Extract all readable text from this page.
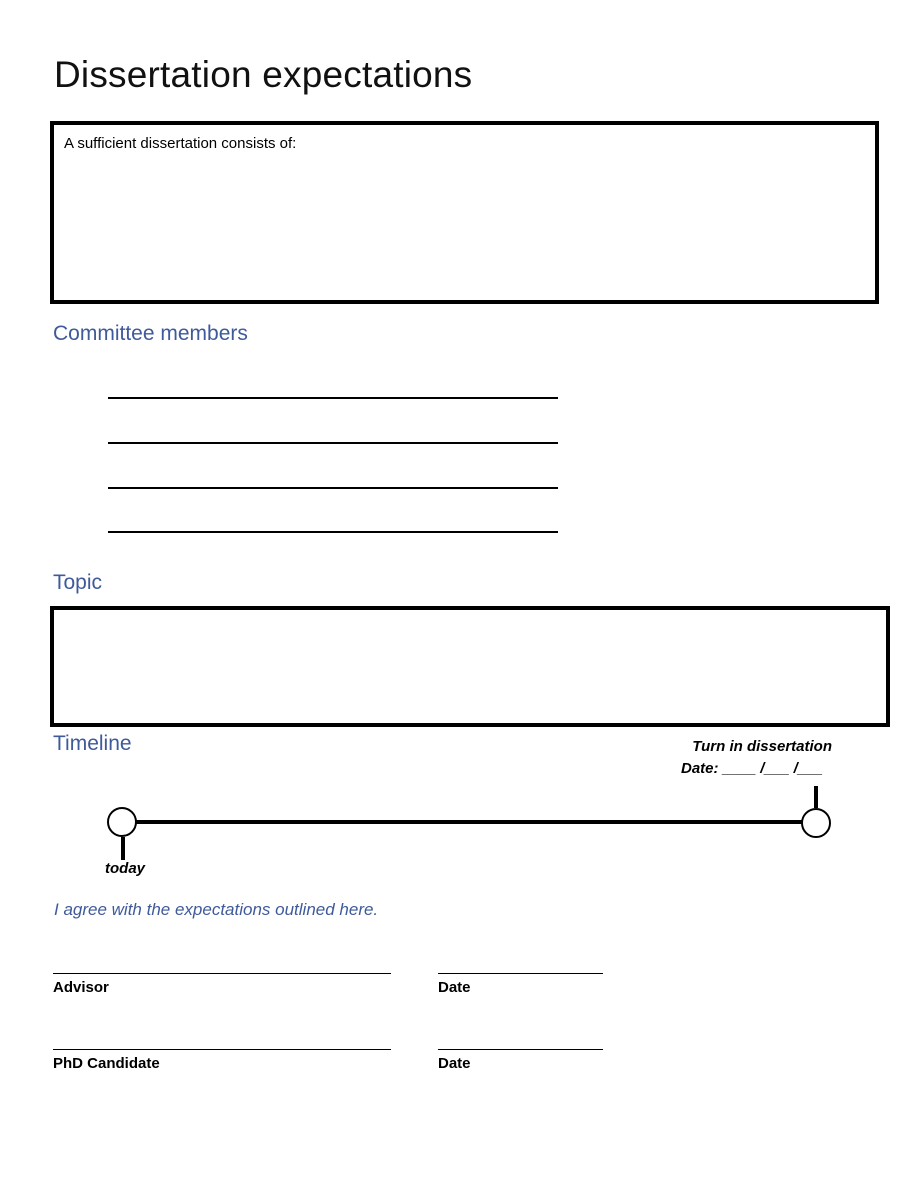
Dissertation expectations
A sufficient dissertation consists of:
Committee members
Topic
Timeline	Turn in dissertation
Date: ____ /___ /___
today
I agree with the expectations outlined here.
Advisor	Date
PhD Candidate	Date
